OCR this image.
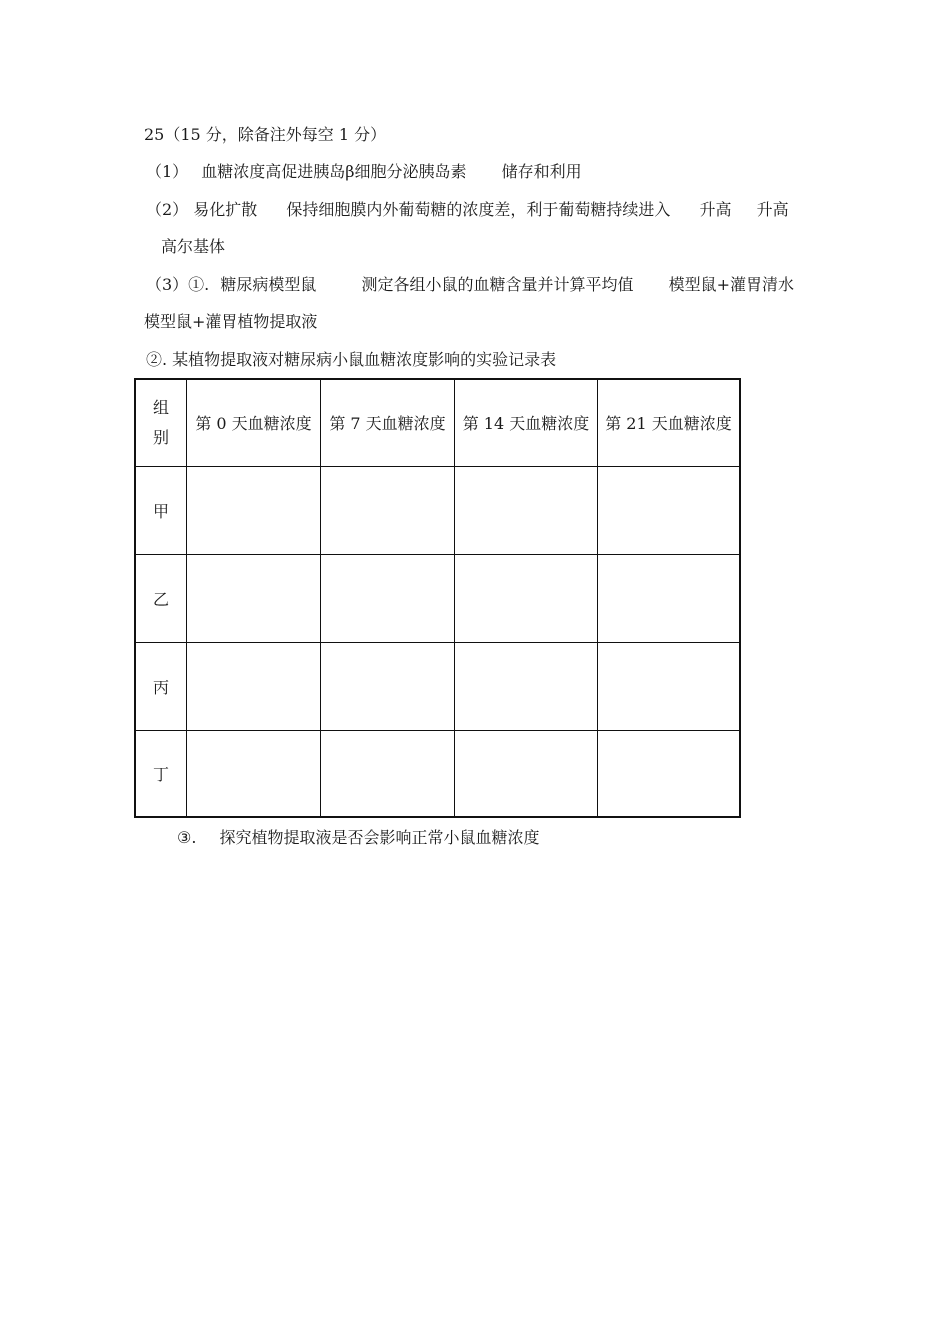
25（15 分，除备注外每空 1 分）
（1） 血糖浓度高促进胰岛β细胞分泌胰岛素 储存和利用
（2） 易化扩散 保持细胞膜内外葡萄糖的浓度差，利于葡萄糖持续进入 升高 升高
高尔基体
（3）①. 糖尿病模型鼠	测定各组小鼠的血糖含量并计算平均值 模型鼠+灌胃清水
模型鼠+灌胃植物提取液
②. 某植物提取液对糖尿病小鼠血糖浓度影响的实验记录表
组
别	第 0 天血糖浓度	第 7 天血糖浓度	第 14 天血糖浓度	第 21 天血糖浓度
甲				
乙				
丙				
丁				
③. 探究植物提取液是否会影响正常小鼠血糖浓度
